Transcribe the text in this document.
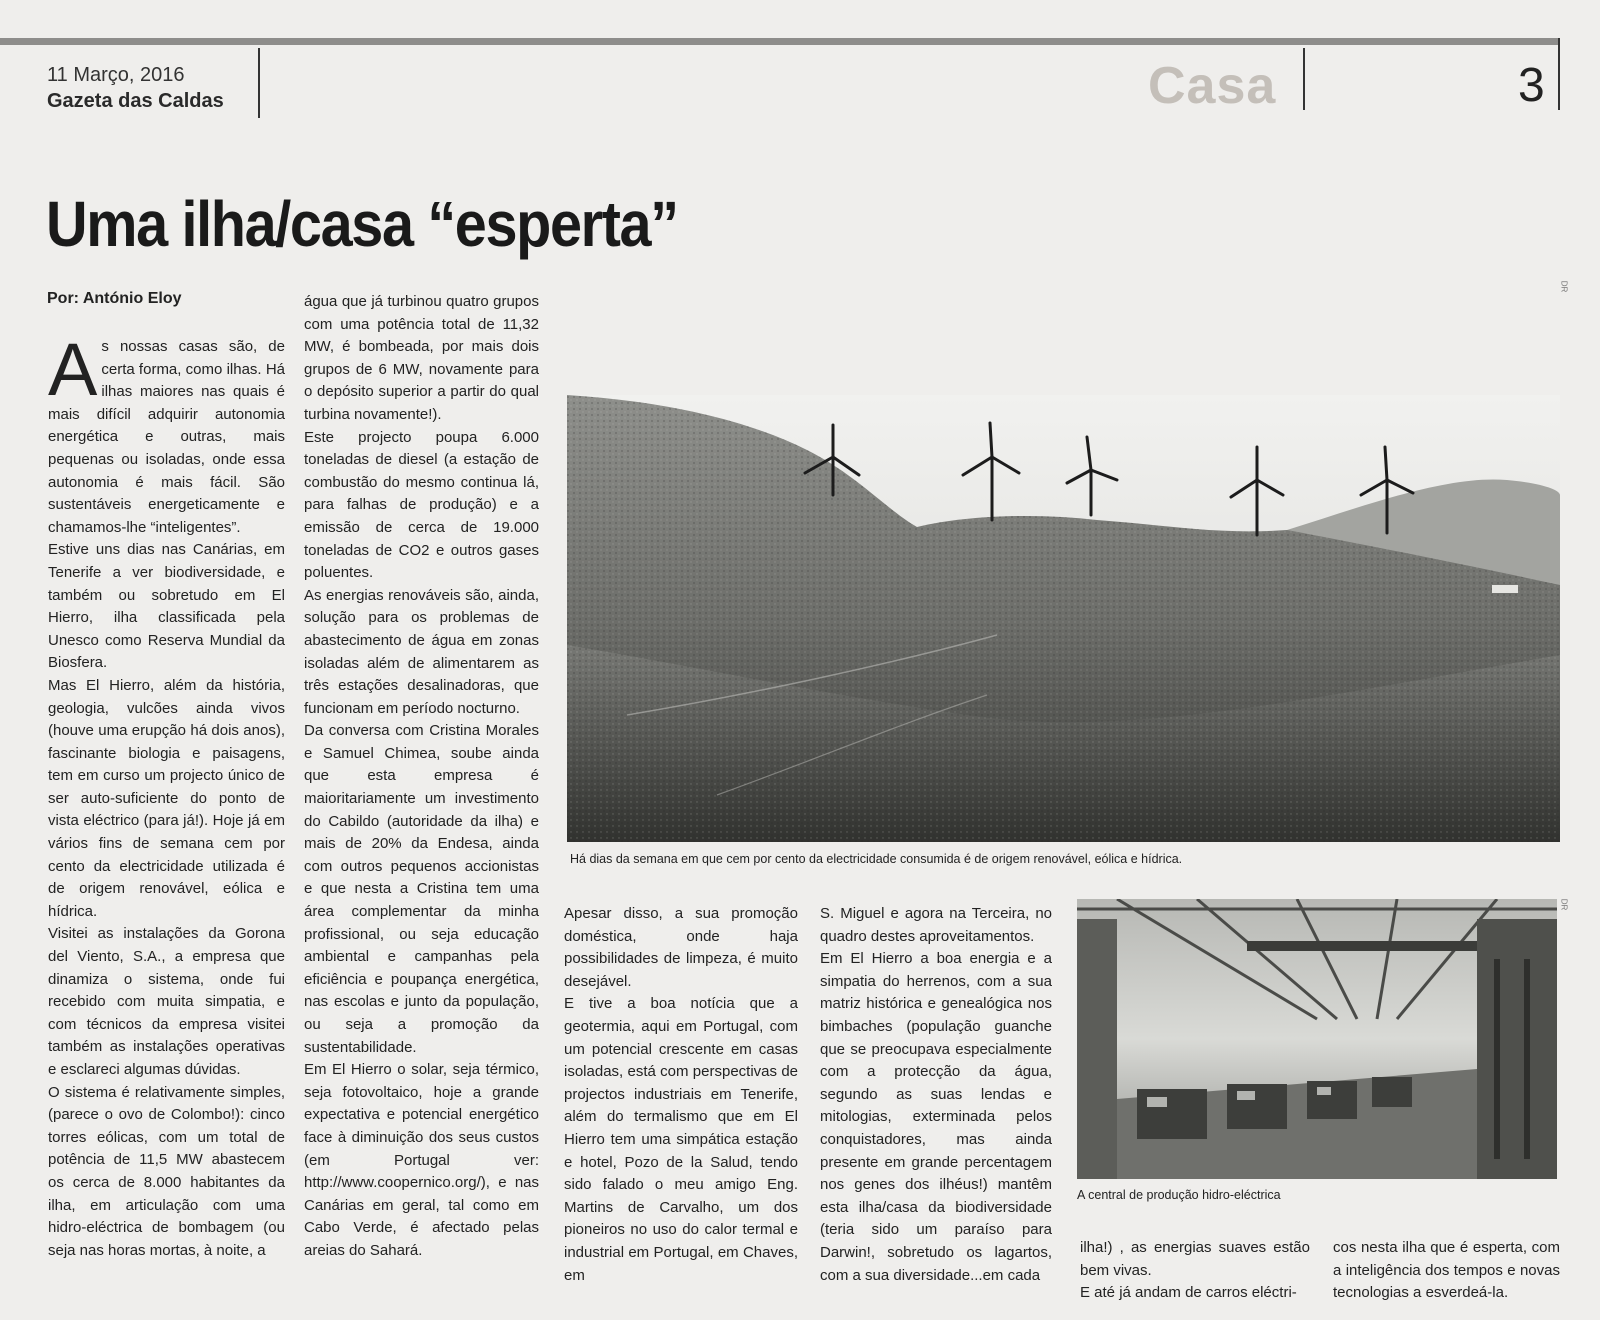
11 Março, 2016
Gazeta das Caldas	Casa	3
Uma ilha/casa “esperta”
Por: António Eloy
A s nossas casas são, de certa forma, como ilhas. Há ilhas maiores nas quais é mais difícil adquirir autonomia energética e outras, mais pequenas ou isoladas, onde essa autonomia é mais fácil. São sustentáveis energeticamente e chamamos-lhe “inteligentes”.

Estive uns dias nas Canárias, em Tenerife a ver biodiversidade, e também ou sobretudo em El Hierro, ilha classificada pela Unesco como Reserva Mundial da Biosfera.

Mas El Hierro, além da história, geologia, vulcões ainda vivos (houve uma erupção há dois anos), fascinante biologia e paisagens, tem em curso um projecto único de ser auto-suficiente do ponto de vista eléctrico (para já!). Hoje já em vários fins de semana cem por cento da electricidade utilizada é de origem renovável, eólica e hídrica.

Visitei as instalações da Gorona del Viento, S.A., a empresa que dinamiza o sistema, onde fui recebido com muita simpatia, e com técnicos da empresa visitei também as instalações operativas e esclareci algumas dúvidas.

O sistema é relativamente simples, (parece o ovo de Colombo!): cinco torres eólicas, com um total de potência de 11,5 MW abastecem os cerca de 8.000 habitantes da ilha, em articulação com uma hidro-eléctrica de bombagem (ou seja nas horas mortas, à noite, a

água que já turbinou quatro grupos com uma potência total de 11,32 MW, é bombeada, por mais dois grupos de 6 MW, novamente para o depósito superior a partir do qual turbina novamente!).

Este projecto poupa 6.000 toneladas de diesel (a estação de combustão do mesmo continua lá, para falhas de produção) e a emissão de cerca de 19.000 toneladas de CO2 e outros gases poluentes.

As energias renováveis são, ainda, solução para os problemas de abastecimento de água em zonas isoladas além de alimentarem as três estações desalinadoras, que funcionam em período nocturno.

Da conversa com Cristina Morales e Samuel Chimea, soube ainda que esta empresa é maioritariamente um investimento do Cabildo (autoridade da ilha) e mais de 20% da Endesa, ainda com outros pequenos accionistas e que nesta a Cristina tem uma área complementar da minha profissional, ou seja educação ambiental e campanhas pela eficiência e poupança energética, nas escolas e junto da população, ou seja a promoção da sustentabilidade.

Em El Hierro o solar, seja térmico, seja fotovoltaico, hoje a grande expectativa e potencial energético face à diminuição dos seus custos (em Portugal ver: http://www.coopernico.org/), e nas Canárias em geral, tal como em Cabo Verde, é afectado pelas areias do Sahará.

Há dias da semana em que cem por cento da electricidade consumida é de origem renovável, eólica e hídrica.
DR

Apesar disso, a sua promoção doméstica, onde haja possibilidades de limpeza, é muito desejável.

E tive a boa notícia que a geotermia, aqui em Portugal, com um potencial crescente em casas isoladas, está com perspectivas de projectos industriais em Tenerife, além do termalismo que em El Hierro tem uma simpática estação e hotel, Pozo de la Salud, tendo sido falado o meu amigo Eng. Martins de Carvalho, um dos pioneiros no uso do calor termal e industrial em Portugal, em Chaves, em

S. Miguel e agora na Terceira, no quadro destes aproveitamentos.

Em El Hierro a boa energia e a simpatia do herrenos, com a sua matriz histórica e genealógica nos bimbaches (população guanche que se preocupava especialmente com a protecção da água, segundo as suas lendas e mitologias, exterminada pelos conquistadores, mas ainda presente em grande percentagem nos genes dos ilhéus!) mantêm esta ilha/casa da biodiversidade (teria sido um paraíso para Darwin!, sobretudo os lagartos, com a sua diversidade...em cada

A central de produção hidro-eléctrica
DR

ilha!) , as energias suaves estão bem vivas.

E até já andam de carros eléctri-

cos nesta ilha que é esperta, com a inteligência dos tempos e novas tecnologias a esverdeá-la.
